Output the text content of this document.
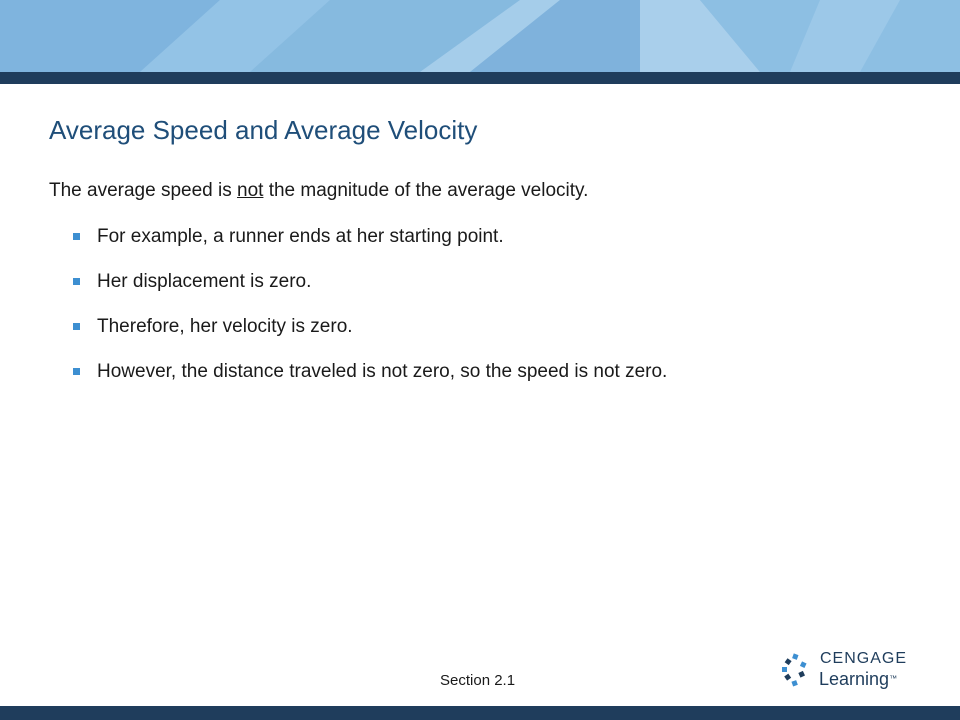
Average Speed and Average Velocity

The average speed is not the magnitude of the average velocity.

For example, a runner ends at her starting point.
Her displacement is zero.
Therefore, her velocity is zero.
However, the distance traveled is not zero, so the speed is not zero.
Section 2.1
CENGAGE
Learning™
